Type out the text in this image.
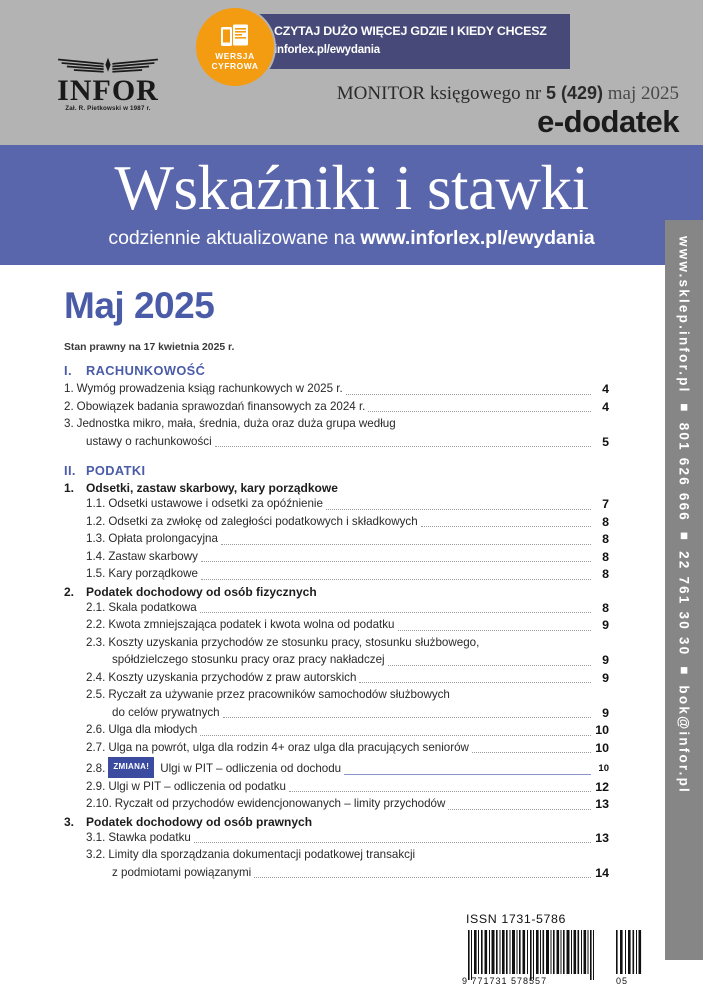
INFOR
Zał. R. Pietkowski w 1987 r.
CZYTAJ DUŻO WIĘCEJ GDZIE I KIEDY CHCESZ
inforlex.pl/ewydania
WERSJA
CYFROWA
MONITOR księgowego nr 5 (429) maj 2025
e-dodatek
Wskaźniki i stawki
codziennie aktualizowane na www.inforlex.pl/ewydania	www.sklep.infor.pl ■ 801 626 666 ■ 22 761 30 30 ■ bok@infor.pl
Maj 2025
Stan prawny na 17 kwietnia 2025 r.
I.	RACHUNKOWOŚĆ
1. Wymóg prowadzenia ksiąg rachunkowych w 2025 r.	4
2. Obowiązek badania sprawozdań finansowych za 2024 r.	4
3. Jednostka mikro, mała, średnia, duża oraz duża grupa według
ustawy o rachunkowości	5
II. PODATKI
1. Odsetki, zastaw skarbowy, kary porządkowe
1.1. Odsetki ustawowe i odsetki za opóźnienie	7
1.2. Odsetki za zwłokę od zaległości podatkowych i składkowych	8
1.3. Opłata prolongacyjna	8
1.4. Zastaw skarbowy	8
1.5. Kary porządkowe	8
2. Podatek dochodowy od osób fizycznych
2.1. Skala podatkowa	8
2.2. Kwota zmniejszająca podatek i kwota wolna od podatku	9
2.3. Koszty uzyskania przychodów ze stosunku pracy, stosunku służbowego,
spółdzielczego stosunku pracy oraz pracy nakładczej	9
2.4. Koszty uzyskania przychodów z praw autorskich	9
2.5. Ryczałt za używanie przez pracowników samochodów służbowych
do celów prywatnych	9
2.6. Ulga dla młodych	10
2.7. Ulga na powrót, ulga dla rodzin 4+ oraz ulga dla pracujących seniorów	10
2.8.	ZMIANA! Ulgi w PIT – odliczenia od dochodu	10
2.9. Ulgi w PIT – odliczenia od podatku	12
2.10. Ryczałt od przychodów ewidencjonowanych – limity przychodów	13
3. Podatek dochodowy od osób prawnych
3.1. Stawka podatku	13
3.2. Limity dla sporządzania dokumentacji podatkowej transakcji
z podmiotami powiązanymi	14
ISSN 1731-5786
9 771731 578557	05
